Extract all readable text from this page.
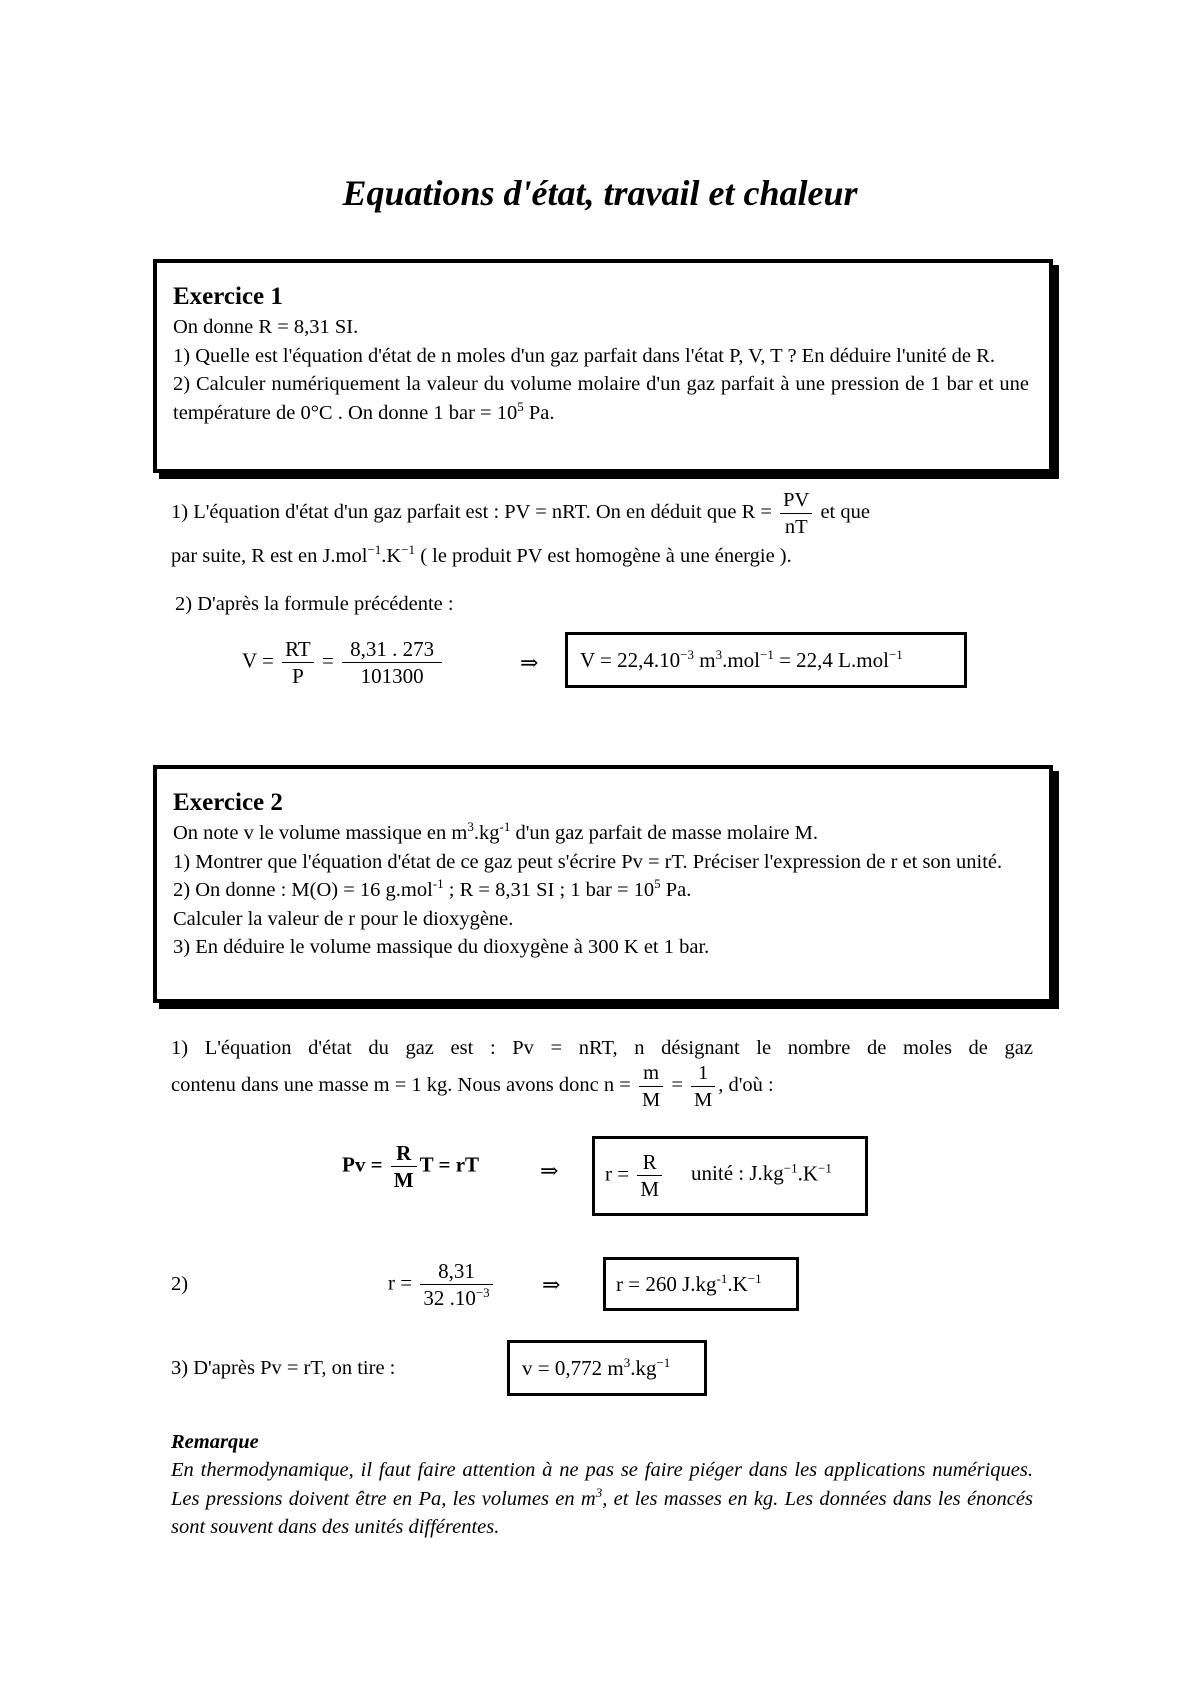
Equations d'état, travail et chaleur
Exercice 1
On donne R = 8,31 SI.
1) Quelle est l'équation d'état de n moles d'un gaz parfait dans l'état P, V, T ? En déduire l'unité de R.
2) Calculer numériquement la valeur du volume molaire d'un gaz parfait à une pression de 1 bar et une température de 0°C . On donne 1 bar = $10^5$ Pa.
1) L'équation d'état d'un gaz parfait est : PV = nRT. On en déduit que $R = \frac{PV}{nT}$ et que
par suite, R est en $J.mol^{-1}.K^{-1}$ ( le produit PV est homogène à une énergie ).
2) D'après la formule précédente :
$V = \frac{RT}{P} = \frac{8,31 . 273}{101300}$	⇒	$V = 22,4.10^{-3}$ $m^3.mol^{-1} = 22,4$ L.mol$^{-1}$
Exercice 2
On note v le volume massique en $m^3.kg^{-1}$ d'un gaz parfait de masse molaire M.
1) Montrer que l'équation d'état de ce gaz peut s'écrire Pv = rT. Préciser l'expression de r et son unité.
2) On donne : M(O) = 16 g.mol$^{-1}$ ; R = 8,31 SI ; 1 bar = $10^5$ Pa.
Calculer la valeur de r pour le dioxygène.
3) En déduire le volume massique du dioxygène à 300 K et 1 bar.
1) L'équation d'état du gaz est : Pv = nRT, n désignant le nombre de moles de gaz
contenu dans une masse m = 1 kg. Nous avons donc $n = \frac{m}{M} = \frac{1}{M}$ , d'où :
$Pv = \frac{R}{M}$ T = rT	⇒	$r = \frac{R}{M}$ unité : $J.kg^{-1}.K^{-1}$
2)	$r = \frac{8,31}{32 .10^{-3}}$ ⇒	r = 260 $J.kg^{-1}.K^{-1}$
3) D'après Pv = rT, on tire :	v = 0,772 $m^3.kg^{-1}$
Remarque
En thermodynamique, il faut faire attention à ne pas se faire piéger dans les applications numériques. Les pressions doivent être en Pa, les volumes en $m^3$, et les masses en kg. Les données dans les énoncés sont souvent dans des unités différentes.
